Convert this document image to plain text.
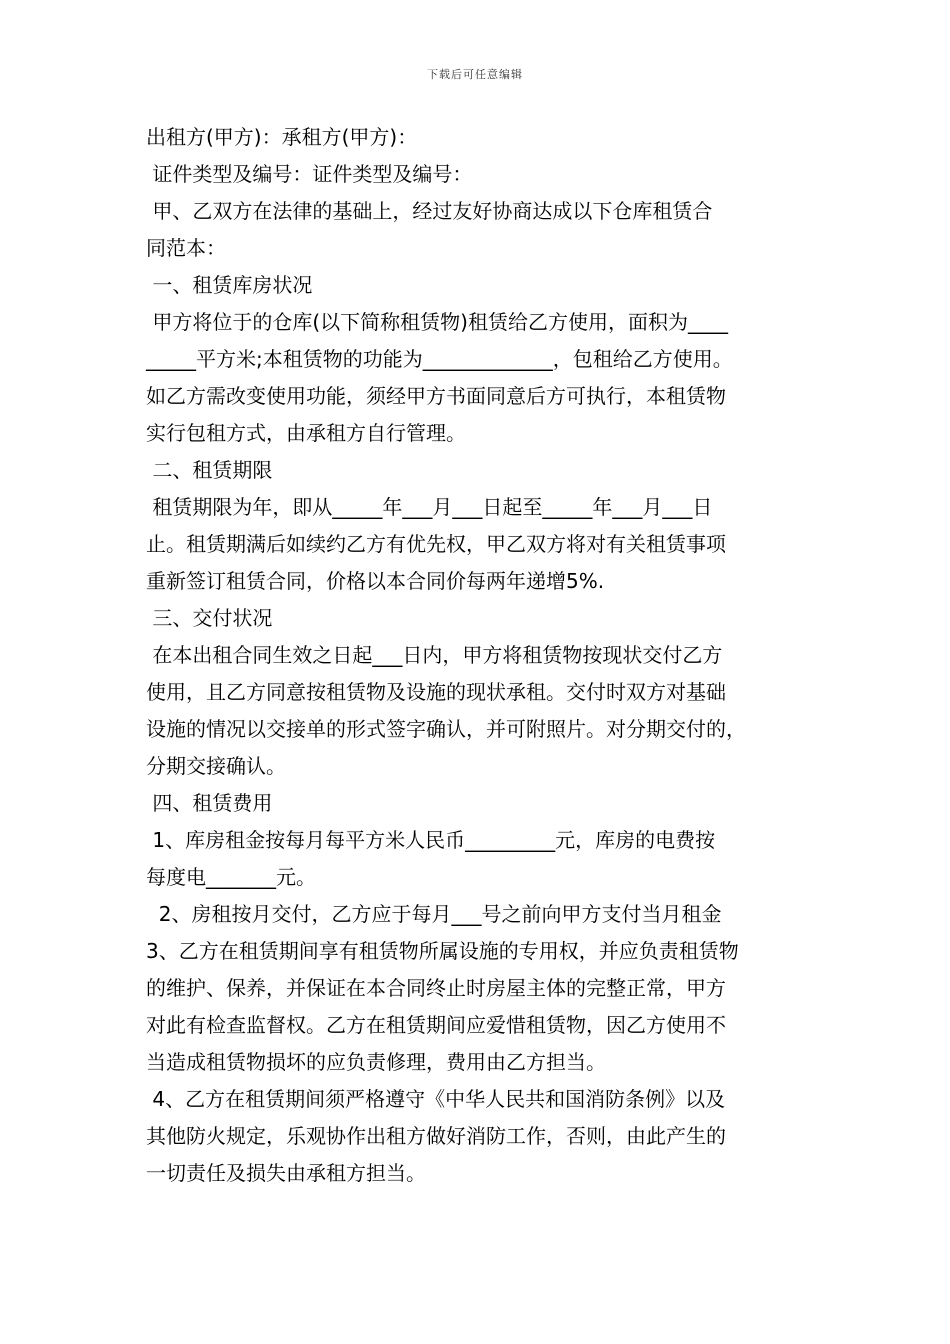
下载后可任意编辑
出租方(甲方)：承租方(甲方)：
证件类型及编号：证件类型及编号：
甲、乙双方在法律的基础上，经过友好协商达成以下仓库租赁合
同范本：
一、租赁库房状况
甲方将位于的仓库(以下简称租赁物)租赁给乙方使用，面积为____
_____平方米;本租赁物的功能为_____________，包租给乙方使用。
如乙方需改变使用功能，须经甲方书面同意后方可执行，本租赁物
实行包租方式，由承租方自行管理。
二、租赁期限
租赁期限为年，即从_____年___月___日起至_____年___月___日
止。租赁期满后如续约乙方有优先权，甲乙双方将对有关租赁事项
重新签订租赁合同，价格以本合同价每两年递增5%.
三、交付状况
在本出租合同生效之日起___日内，甲方将租赁物按现状交付乙方
使用，且乙方同意按租赁物及设施的现状承租。交付时双方对基础
设施的情况以交接单的形式签字确认，并可附照片。对分期交付的，
分期交接确认。
四、租赁费用
1、库房租金按每月每平方米人民币_________元，库房的电费按
每度电_______元。
2、房租按月交付，乙方应于每月___号之前向甲方支付当月租金
3、乙方在租赁期间享有租赁物所属设施的专用权，并应负责租赁物
的维护、保养，并保证在本合同终止时房屋主体的完整正常，甲方
对此有检查监督权。乙方在租赁期间应爱惜租赁物，因乙方使用不
当造成租赁物损坏的应负责修理，费用由乙方担当。
4、乙方在租赁期间须严格遵守《中华人民共和国消防条例》以及
其他防火规定，乐观协作出租方做好消防工作，否则，由此产生的
一切责任及损失由承租方担当。
